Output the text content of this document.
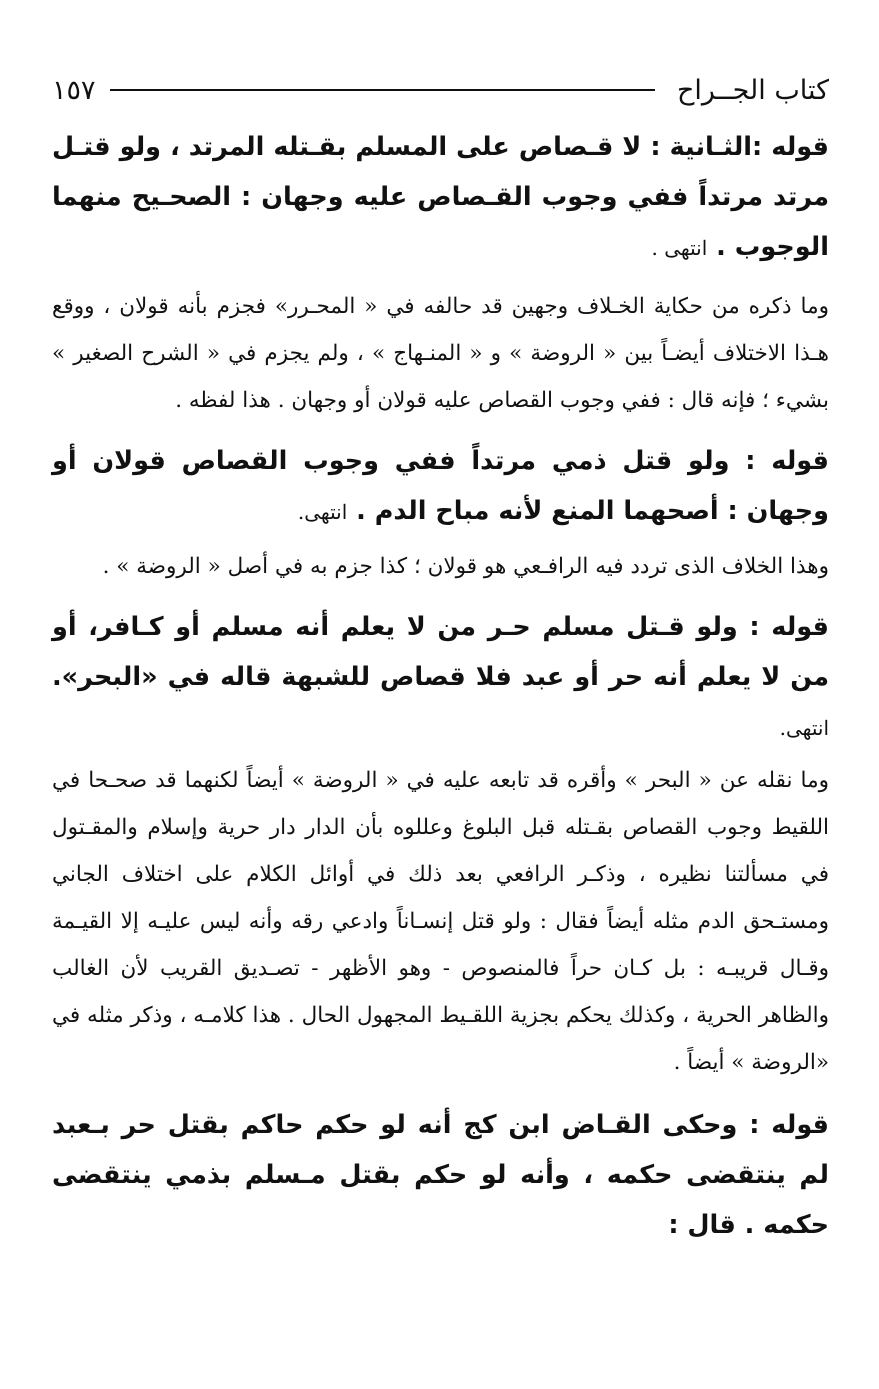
كتاب الجــراح
١٥٧

قوله :الثـانية : لا قـصاص على المسلم بقـتله المرتد ، ولو قتـل مرتد مرتداً ففي وجوب القـصاص عليه وجهان : الصحـيح منهما الوجوب . انتهى .

وما ذكره من حكاية الخـلاف وجهين قد حالفه في « المحـرر» فجزم بأنه قولان ، ووقع هـذا الاختلاف أيضـاً بين « الروضة » و « المنـهاج » ، ولم يجزم في « الشرح الصغير » بشيء ؛ فإنه قال : ففي وجوب القصاص عليه قولان أو وجهان . هذا لفظه .

قوله : ولو قتل ذمي مرتداً ففي وجوب القصاص قولان أو وجهان : أصحهما المنع لأنه مباح الدم . انتهى.

وهذا الخلاف الذى تردد فيه الرافـعي هو قولان ؛ كذا جزم به في أصل « الروضة » .

قوله : ولو قـتل مسلم حـر من لا يعلم أنه مسلم أو كـافر، أو من لا يعلم أنه حر أو عبد فلا قصاص للشبهة قاله في «البحر». انتهى.

وما نقله عن « البحر » وأقره قد تابعه عليه في « الروضة » أيضاً لكنهما قد صحـحا في اللقيط وجوب القصاص بقـتله قبل البلوغ وعللوه بأن الدار دار حرية وإسلام والمقـتول في مسألتنا نظيره ، وذكـر الرافعي بعد ذلك في أوائل الكلام على اختلاف الجاني ومستـحق الدم مثله أيضاً فقال : ولو قتل إنسـاناً وادعي رقه وأنه ليس عليـه إلا القيـمة وقـال قريبـه : بل كـان حراً فالمنصوص - وهو الأظهر - تصـديق القريب لأن الغالب والظاهر الحرية ، وكذلك يحكم بجزية اللقـيط المجهول الحال . هذا كلامـه ، وذكر مثله في «الروضة » أيضاً .

قوله : وحكى القـاض ابن كج أنه لو حكم حاكم بقتل حر بـعبد لم ينتقضى حكمه ، وأنه لو حكم بقتل مـسلم بذمي ينتقضى حكمه . قال :
